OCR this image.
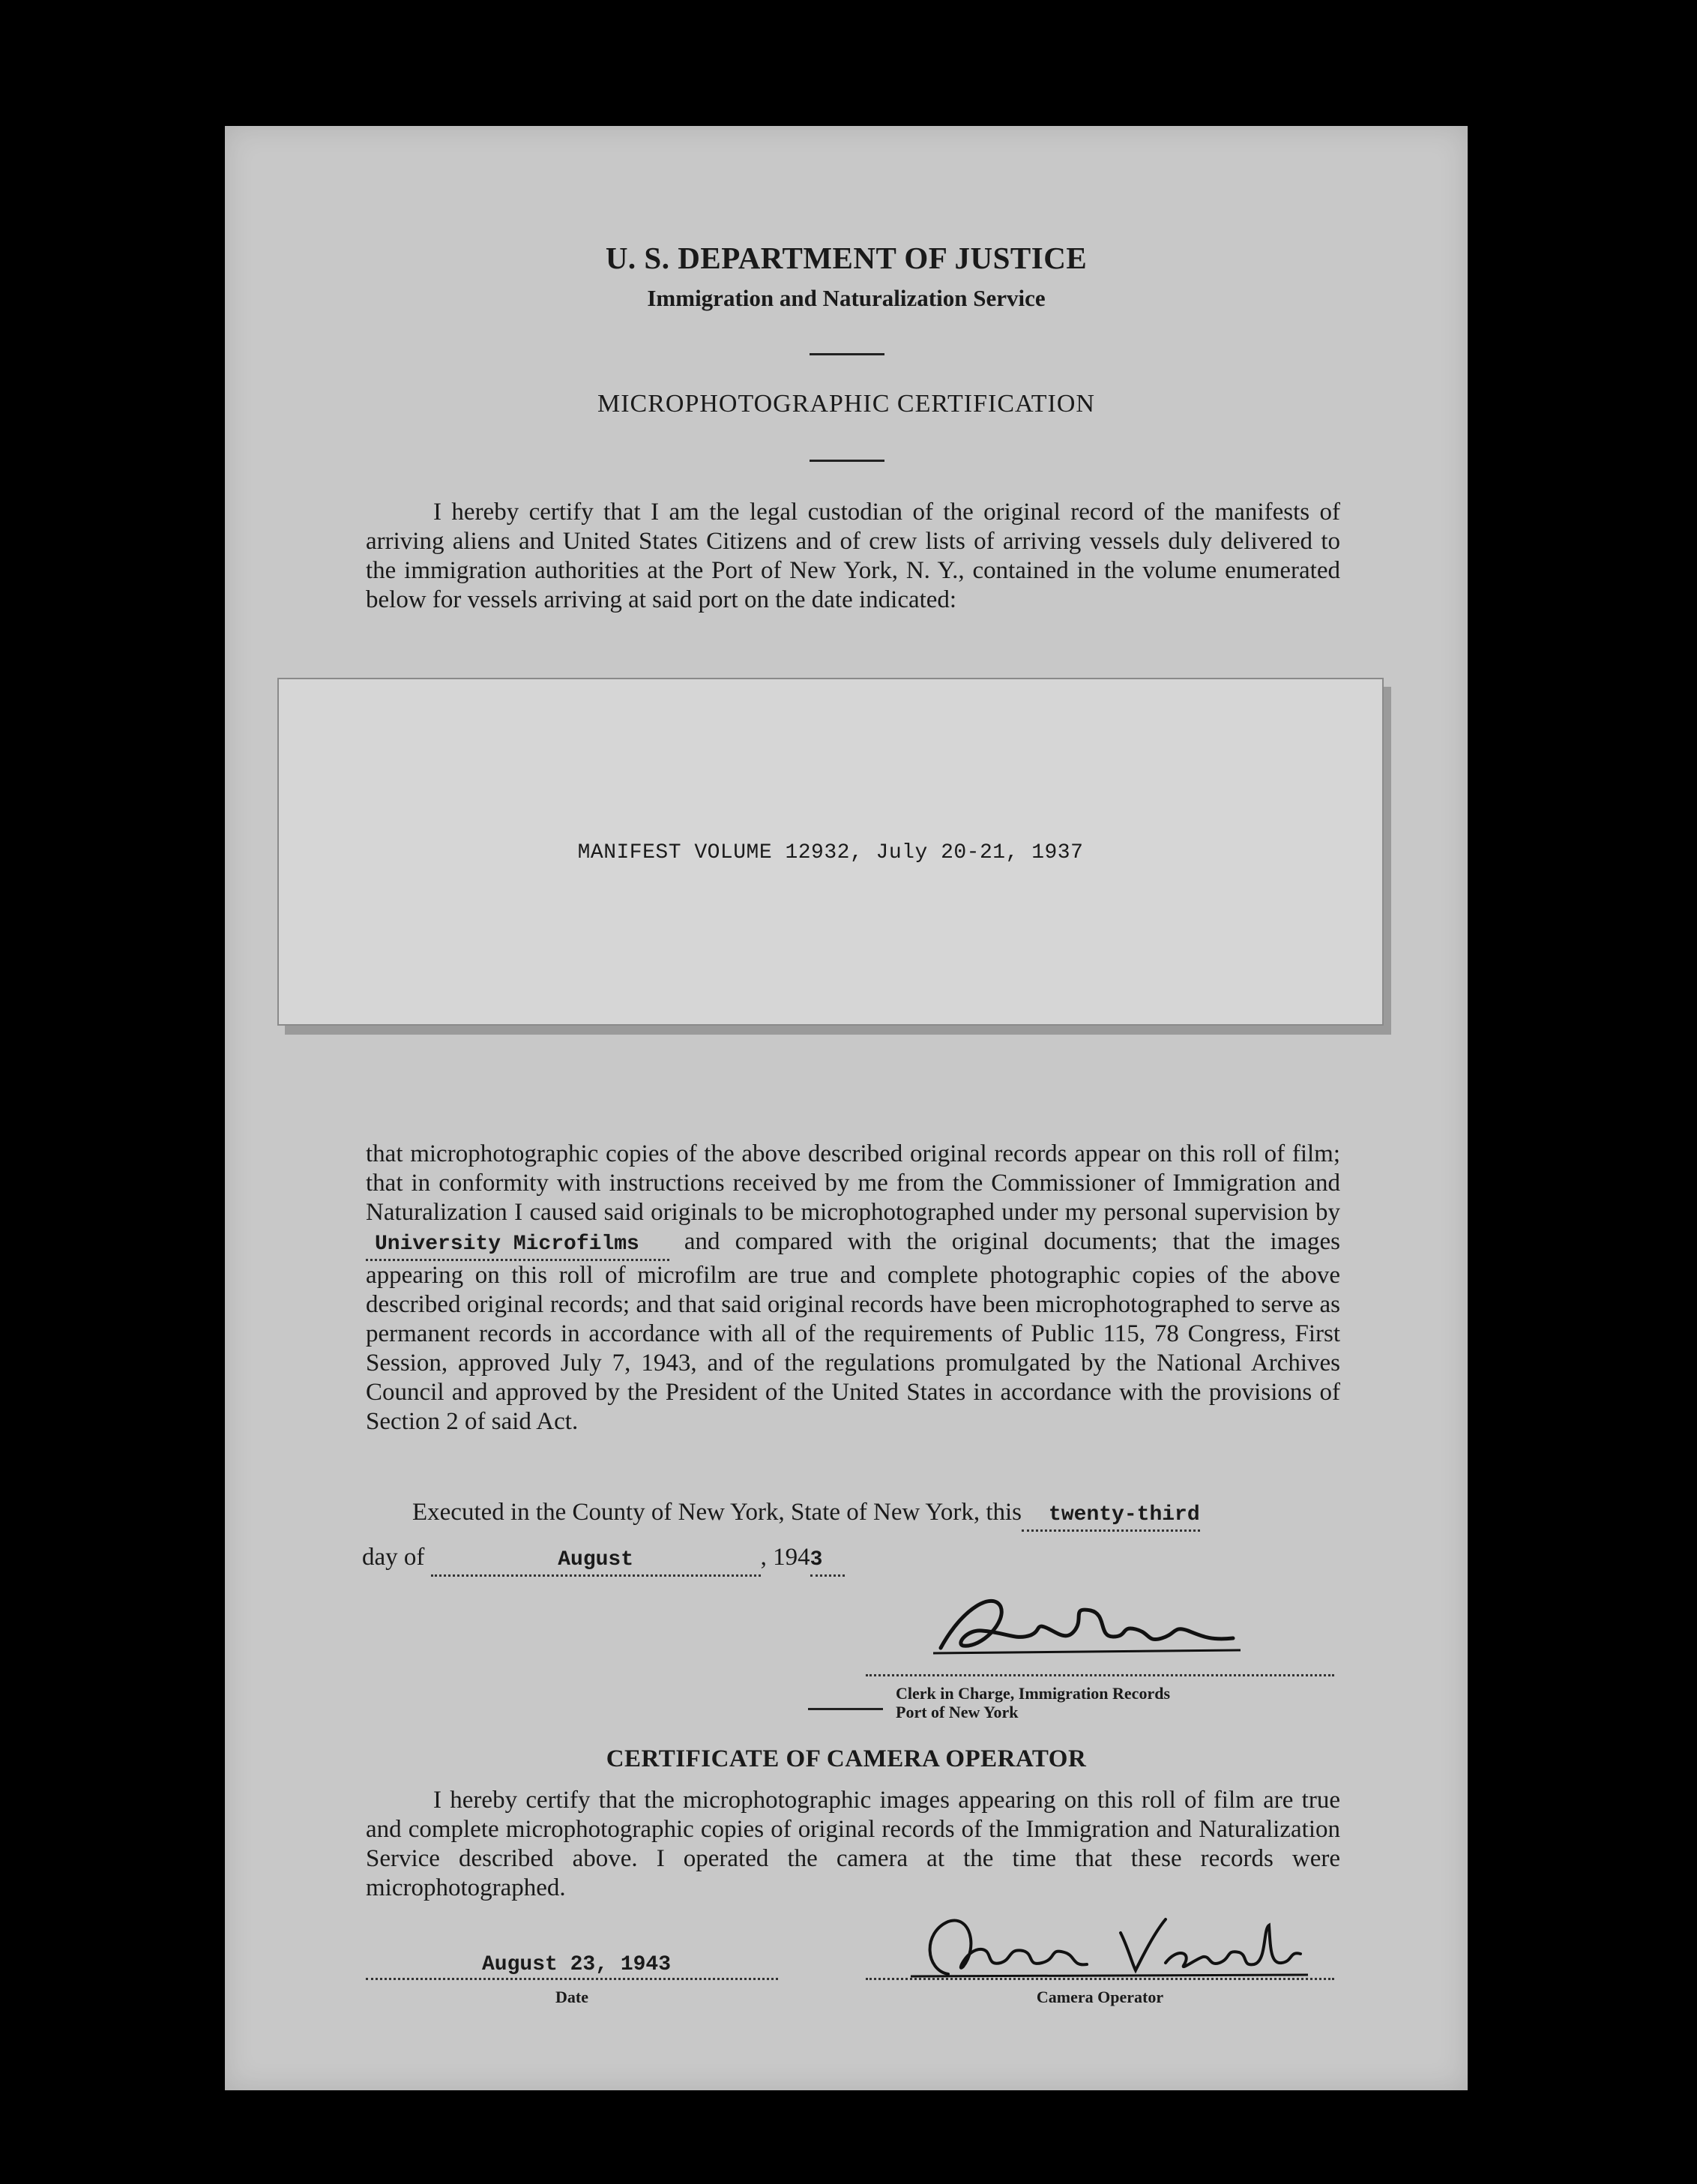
U. S. DEPARTMENT OF JUSTICE
Immigration and Naturalization Service
MICROPHOTOGRAPHIC CERTIFICATION
I hereby certify that I am the legal custodian of the original record of the manifests of arriving aliens and United States Citizens and of crew lists of arriving vessels duly delivered to the immigration authorities at the Port of New York, N. Y., contained in the volume enumerated below for vessels arriving at said port on the date indicated:
MANIFEST VOLUME 12932, July 20-21, 1937
that microphotographic copies of the above described original records appear on this roll of film; that in conformity with instructions received by me from the Commissioner of Immigration and Naturalization I caused said originals to be microphotographed under my personal supervision by University Microfilms and compared with the original documents; that the images appearing on this roll of microfilm are true and complete photographic copies of the above described original records; and that said original records have been microphotographed to serve as permanent records in accordance with all of the requirements of Public 115, 78 Congress, First Session, approved July 7, 1943, and of the regulations promulgated by the National Archives Council and approved by the President of the United States in accordance with the provisions of Section 2 of said Act.
Executed in the County of New York, State of New York, this twenty-third
day of	August	, 1943
Clerk in Charge, Immigration Records
Port of New York
CERTIFICATE OF CAMERA OPERATOR
I hereby certify that the microphotographic images appearing on this roll of film are true and complete microphotographic copies of original records of the Immigration and Naturalization Service described above. I operated the camera at the time that these records were microphotographed.
August 23, 1943
Date	Camera Operator
